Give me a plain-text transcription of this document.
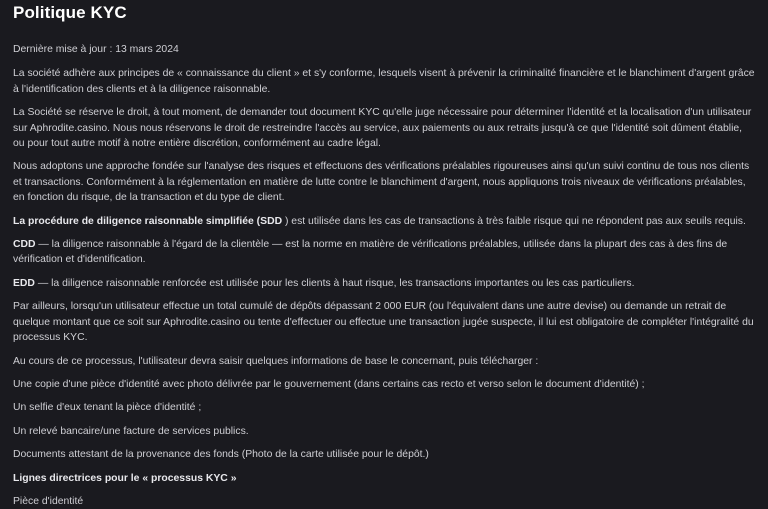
Politique KYC

Dernière mise à jour : 13 mars 2024

La société adhère aux principes de « connaissance du client » et s'y conforme, lesquels visent à prévenir la criminalité financière et le blanchiment d'argent grâce à l'identification des clients et à la diligence raisonnable.

La Société se réserve le droit, à tout moment, de demander tout document KYC qu'elle juge nécessaire pour déterminer l'identité et la localisation d'un utilisateur sur Aphrodite.casino. Nous nous réservons le droit de restreindre l'accès au service, aux paiements ou aux retraits jusqu'à ce que l'identité soit dûment établie, ou pour tout autre motif à notre entière discrétion, conformément au cadre légal.

Nous adoptons une approche fondée sur l'analyse des risques et effectuons des vérifications préalables rigoureuses ainsi qu'un suivi continu de tous nos clients et transactions. Conformément à la réglementation en matière de lutte contre le blanchiment d'argent, nous appliquons trois niveaux de vérifications préalables, en fonction du risque, de la transaction et du type de client.

La procédure de diligence raisonnable simplifiée (SDD ) est utilisée dans les cas de transactions à très faible risque qui ne répondent pas aux seuils requis.

CDD — la diligence raisonnable à l'égard de la clientèle — est la norme en matière de vérifications préalables, utilisée dans la plupart des cas à des fins de vérification et d'identification.

EDD — la diligence raisonnable renforcée est utilisée pour les clients à haut risque, les transactions importantes ou les cas particuliers.

Par ailleurs, lorsqu'un utilisateur effectue un total cumulé de dépôts dépassant 2 000 EUR (ou l'équivalent dans une autre devise) ou demande un retrait de quelque montant que ce soit sur Aphrodite.casino ou tente d'effectuer ou effectue une transaction jugée suspecte, il lui est obligatoire de compléter l'intégralité du processus KYC.

Au cours de ce processus, l'utilisateur devra saisir quelques informations de base le concernant, puis télécharger :

Une copie d'une pièce d'identité avec photo délivrée par le gouvernement (dans certains cas recto et verso selon le document d'identité) ;

Un selfie d'eux tenant la pièce d'identité ;

Un relevé bancaire/une facture de services publics.

Documents attestant de la provenance des fonds (Photo de la carte utilisée pour le dépôt.)

Lignes directrices pour le « processus KYC »

Pièce d'identité
